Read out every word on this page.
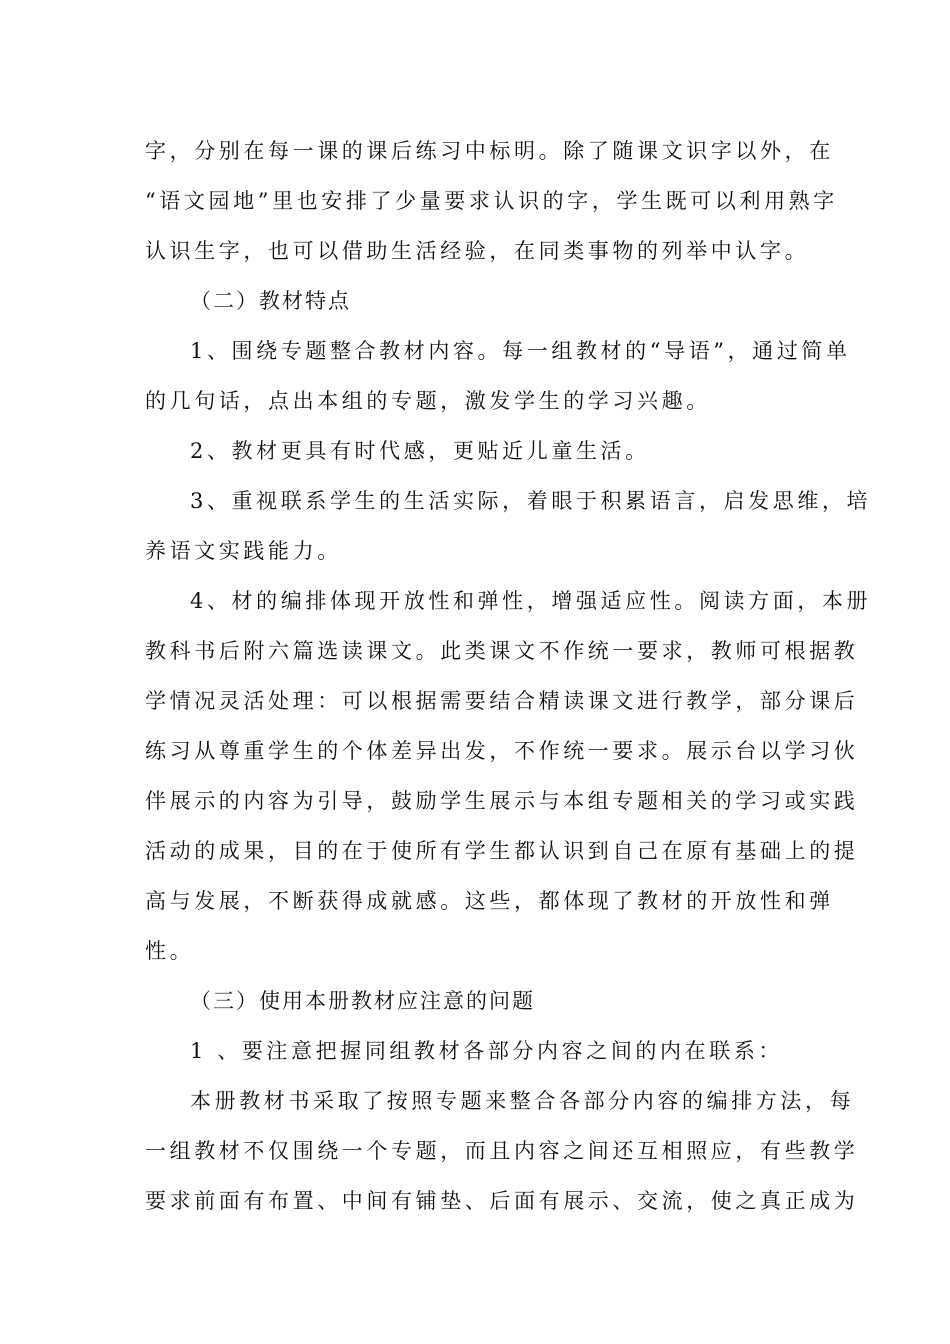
字，分别在每一课的课后练习中标明。除了随课文识字以外，在
“语文园地”里也安排了少量要求认识的字，学生既可以利用熟字
认识生字，也可以借助生活经验，在同类事物的列举中认字。
（二）教材特点
1、围绕专题整合教材内容。每一组教材的“导语”，通过简单
的几句话，点出本组的专题，激发学生的学习兴趣。
2、教材更具有时代感，更贴近儿童生活。
3、重视联系学生的生活实际，着眼于积累语言，启发思维，培
养语文实践能力。
4、材的编排体现开放性和弹性，增强适应性。阅读方面，本册
教科书后附六篇选读课文。此类课文不作统一要求，教师可根据教
学情况灵活处理：可以根据需要结合精读课文进行教学，部分课后
练习从尊重学生的个体差异出发，不作统一要求。展示台以学习伙
伴展示的内容为引导，鼓励学生展示与本组专题相关的学习或实践
活动的成果，目的在于使所有学生都认识到自己在原有基础上的提
高与发展，不断获得成就感。这些，都体现了教材的开放性和弹
性。
（三）使用本册教材应注意的问题
1 、要注意把握同组教材各部分内容之间的内在联系：
本册教材书采取了按照专题来整合各部分内容的编排方法，每
一组教材不仅围绕一个专题，而且内容之间还互相照应，有些教学
要求前面有布置、中间有铺垫、后面有展示、交流，使之真正成为
